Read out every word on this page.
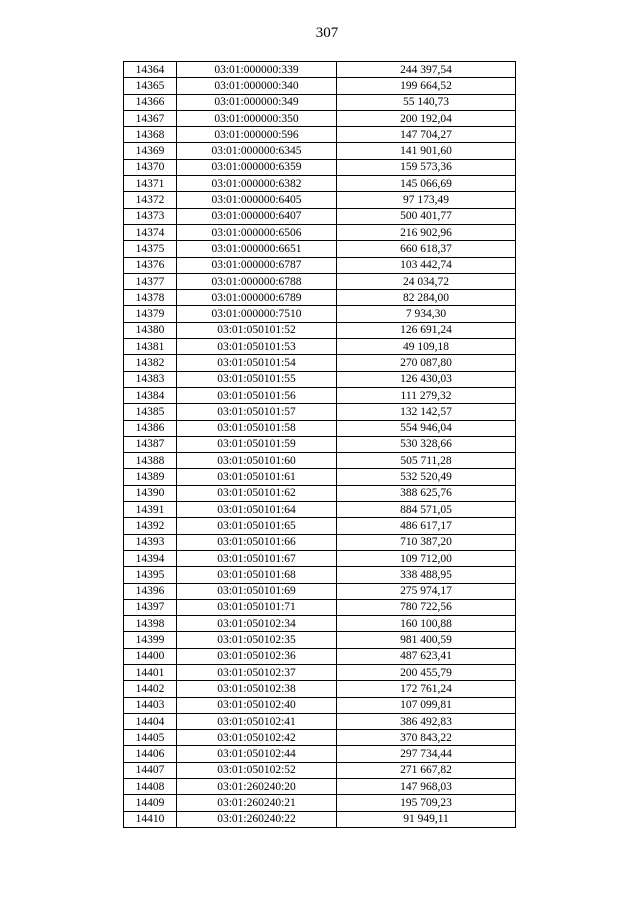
307
14364	03:01:000000:339	244 397,54
14365	03:01:000000:340	199 664,52
14366	03:01:000000:349	55 140,73
14367	03:01:000000:350	200 192,04
14368	03:01:000000:596	147 704,27
14369	03:01:000000:6345	141 901,60
14370	03:01:000000:6359	159 573,36
14371	03:01:000000:6382	145 066,69
14372	03:01:000000:6405	97 173,49
14373	03:01:000000:6407	500 401,77
14374	03:01:000000:6506	216 902,96
14375	03:01:000000:6651	660 618,37
14376	03:01:000000:6787	103 442,74
14377	03:01:000000:6788	24 034,72
14378	03:01:000000:6789	82 284,00
14379	03:01:000000:7510	7 934,30
14380	03:01:050101:52	126 691,24
14381	03:01:050101:53	49 109,18
14382	03:01:050101:54	270 087,80
14383	03:01:050101:55	126 430,03
14384	03:01:050101:56	111 279,32
14385	03:01:050101:57	132 142,57
14386	03:01:050101:58	554 946,04
14387	03:01:050101:59	530 328,66
14388	03:01:050101:60	505 711,28
14389	03:01:050101:61	532 520,49
14390	03:01:050101:62	388 625,76
14391	03:01:050101:64	884 571,05
14392	03:01:050101:65	486 617,17
14393	03:01:050101:66	710 387,20
14394	03:01:050101:67	109 712,00
14395	03:01:050101:68	338 488,95
14396	03:01:050101:69	275 974,17
14397	03:01:050101:71	780 722,56
14398	03:01:050102:34	160 100,88
14399	03:01:050102:35	981 400,59
14400	03:01:050102:36	487 623,41
14401	03:01:050102:37	200 455,79
14402	03:01:050102:38	172 761,24
14403	03:01:050102:40	107 099,81
14404	03:01:050102:41	386 492,83
14405	03:01:050102:42	370 843,22
14406	03:01:050102:44	297 734,44
14407	03:01:050102:52	271 667,82
14408	03:01:260240:20	147 968,03
14409	03:01:260240:21	195 709,23
14410	03:01:260240:22	91 949,11
